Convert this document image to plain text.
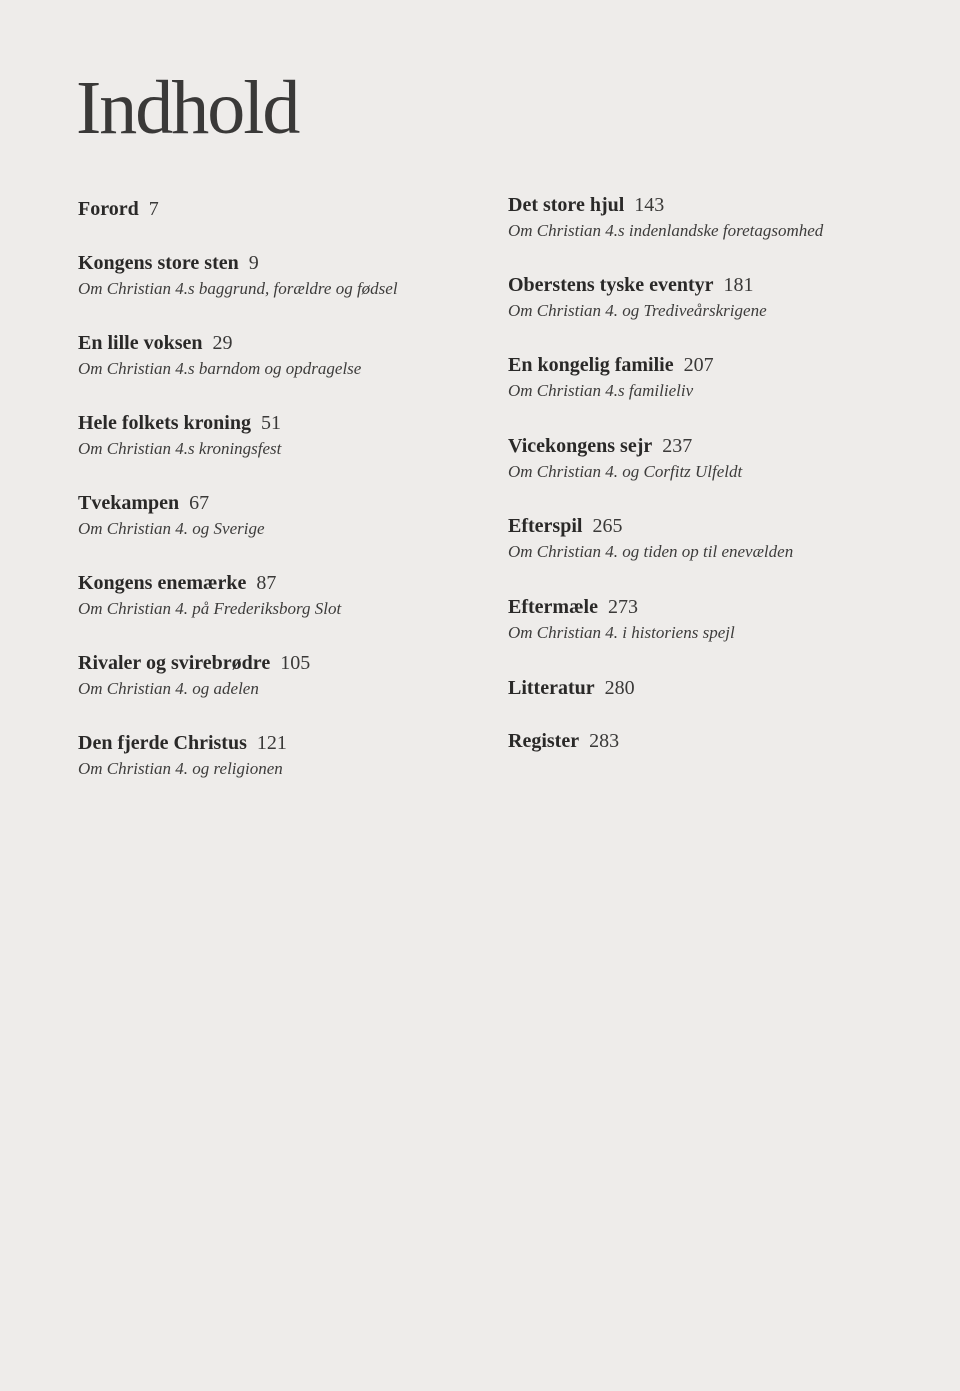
Indhold
Forord 7
Kongens store sten 9
Om Christian 4.s baggrund, forældre og fødsel
En lille voksen 29
Om Christian 4.s barndom og opdragelse
Hele folkets kroning 51
Om Christian 4.s kroningsfest
Tvekampen 67
Om Christian 4. og Sverige
Kongens enemærke 87
Om Christian 4. på Frederiksborg Slot
Rivaler og svirebrødre 105
Om Christian 4. og adelen
Den fjerde Christus 121
Om Christian 4. og religionen
Det store hjul 143
Om Christian 4.s indenlandske foretagsomhed
Oberstens tyske eventyr 181
Om Christian 4. og Trediveårskrigene
En kongelig familie 207
Om Christian 4.s familieliv
Vicekongens sejr 237
Om Christian 4. og Corfitz Ulfeldt
Efterspil 265
Om Christian 4. og tiden op til enevælden
Eftermæle 273
Om Christian 4. i historiens spejl
Litteratur 280
Register 283
